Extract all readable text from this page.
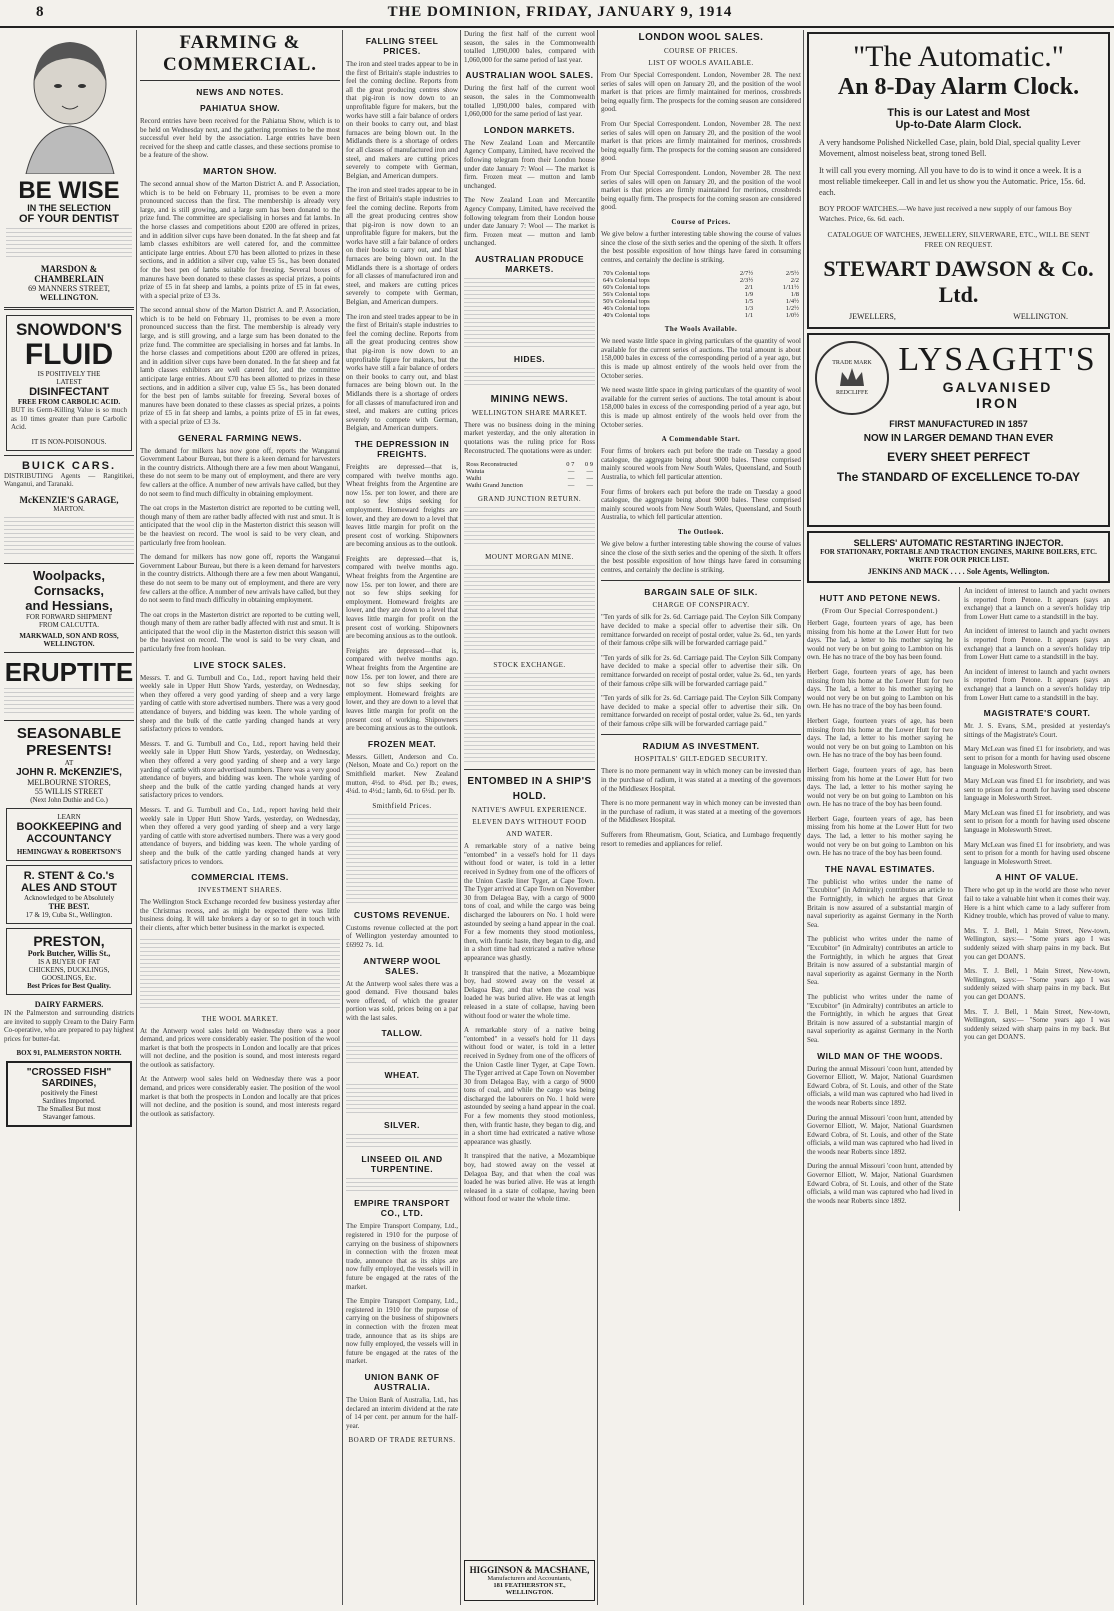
8	THE DOMINION, FRIDAY, JANUARY 9, 1914
BE WISE
IN THE SELECTION
OF YOUR DENTIST
MARSDON & CHAMBERLAIN
69 MANNERS STREET,
WELLINGTON.
SNOWDON'S
FLUID
IS POSITIVELY THE
LATEST
DISINFECTANT
FREE FROM CARBOLIC ACID.
BUT its Germ-Killing Value is so much as 10 times greater than pure Carbolic Acid.
IT IS NON-POISONOUS.
BUICK CARS.
DISTRIBUTING Agents — Rangitikei, Wanganui, and Taranaki.
McKENZIE'S GARAGE,
MARTON.
Woolpacks, Cornsacks,
and Hessians,
FOR FORWARD SHIPMENT
FROM CALCUTTA.
MARKWALD, SON AND ROSS, WELLINGTON.
ERUPTITE
SEASONABLE
PRESENTS!
AT
JOHN R. McKENZIE'S,
MELBOURNE STORES,
55 WILLIS STREET
(Next John Duthie and Co.)
LEARN
BOOKKEEPING and
ACCOUNTANCY
HEMINGWAY & ROBERTSON'S
R. STENT & Co.'s
ALES AND STOUT
Acknowledged to be Absolutely
THE BEST.
17 & 19, Cuba St., Wellington.
PRESTON,
Pork Butcher, Willis St.,
IS A BUYER OF FAT
CHICKENS, DUCKLINGS,
GOOSLINGS, Etc.
Best Prices for Best Quality.
DAIRY FARMERS.
IN the Palmerston and surrounding districts are invited to supply Cream to the Dairy Farm Co-operative, who are prepared to pay highest prices for butter-fat.
BOX 91, PALMERSTON NORTH.
"CROSSED FISH" SARDINES,
positively the Finest
Sardines Imported.
The Smallest But most
Stavanger famous.
FARMING & COMMERCIAL.
NEWS AND NOTES.
PAHIATUA SHOW.
Record entries have been received for the Pahiatua Show, which is to be held on Wednesday next, and the gathering promises to be the most successful ever held by the association. Large entries have been received for the sheep and cattle classes, and these sections promise to be a feature of the show.
MARTON SHOW.
The second annual show of the Marton District A. and P. Association, which is to be held on February 11, promises to be even a more pronounced success than the first. The membership is already very large, and is still growing, and a large sum has been donated to the prize fund. The committee are specialising in horses and fat lambs. In the horse classes and competitions about £200 are offered in prizes, and in addition silver cups have been donated. In the fat sheep and fat lamb classes exhibitors are well catered for, and the committee anticipate large entries. About £70 has been allotted to prizes in these sections, and in addition a silver cup, value £5 5s., has been donated for the best pen of lambs suitable for freezing. Several boxes of manures have been donated to these classes as special prizes, a points prize of £5 in fat sheep and lambs, a points prize of £5 in fat ewes, with a special prize of £3 3s.
The second annual show of the Marton District A. and P. Association, which is to be held on February 11, promises to be even a more pronounced success than the first. The membership is already very large, and is still growing, and a large sum has been donated to the prize fund. The committee are specialising in horses and fat lambs. In the horse classes and competitions about £200 are offered in prizes, and in addition silver cups have been donated. In the fat sheep and fat lamb classes exhibitors are well catered for, and the committee anticipate large entries. About £70 has been allotted to prizes in these sections, and in addition a silver cup, value £5 5s., has been donated for the best pen of lambs suitable for freezing. Several boxes of manures have been donated to these classes as special prizes, a points prize of £5 in fat sheep and lambs, a points prize of £5 in fat ewes, with a special prize of £3 3s.
GENERAL FARMING NEWS.
The demand for milkers has now gone off, reports the Wanganui Government Labour Bureau, but there is a keen demand for harvesters in the country districts. Although there are a few men about Wanganui, these do not seem to be many out of employment, and there are very few callers at the office. A number of new arrivals have called, but they do not seem to find much difficulty in obtaining employment.
The oat crops in the Masterton district are reported to be cutting well, though many of them are rather badly affected with rust and smut. It is anticipated that the wool clip in the Masterton district this season will be the heaviest on record. The wool is said to be very clean, and particularly free from hoolean.
The demand for milkers has now gone off, reports the Wanganui Government Labour Bureau, but there is a keen demand for harvesters in the country districts. Although there are a few men about Wanganui, these do not seem to be many out of employment, and there are very few callers at the office. A number of new arrivals have called, but they do not seem to find much difficulty in obtaining employment.
The oat crops in the Masterton district are reported to be cutting well, though many of them are rather badly affected with rust and smut. It is anticipated that the wool clip in the Masterton district this season will be the heaviest on record. The wool is said to be very clean, and particularly free from hoolean.
LIVE STOCK SALES.
Messrs. T. and G. Turnbull and Co., Ltd., report having held their weekly sale in Upper Hutt Show Yards, yesterday, on Wednesday, when they offered a very good yarding of sheep and a very large yarding of cattle with store advertised numbers. There was a very good attendance of buyers, and bidding was keen. The whole yarding of sheep and the bulk of the cattle yarding changed hands at very satisfactory prices to vendors.
Messrs. T. and G. Turnbull and Co., Ltd., report having held their weekly sale in Upper Hutt Show Yards, yesterday, on Wednesday, when they offered a very good yarding of sheep and a very large yarding of cattle with store advertised numbers. There was a very good attendance of buyers, and bidding was keen. The whole yarding of sheep and the bulk of the cattle yarding changed hands at very satisfactory prices to vendors.
Messrs. T. and G. Turnbull and Co., Ltd., report having held their weekly sale in Upper Hutt Show Yards, yesterday, on Wednesday, when they offered a very good yarding of sheep and a very large yarding of cattle with store advertised numbers. There was a very good attendance of buyers, and bidding was keen. The whole yarding of sheep and the bulk of the cattle yarding changed hands at very satisfactory prices to vendors.
COMMERCIAL ITEMS.
INVESTMENT SHARES.
The Wellington Stock Exchange recorded few business yesterday after the Christmas recess, and as might be expected there was little business doing. It will take brokers a day or so to get in touch with their clients, after which better business in the market is expected.
THE WOOL MARKET.
At the Antwerp wool sales held on Wednesday there was a poor demand, and prices were considerably easier. The position of the wool market is that both the prospects in London and locally are that prices will not decline, and the position is sound, and most interests regard the outlook as satisfactory.
At the Antwerp wool sales held on Wednesday there was a poor demand, and prices were considerably easier. The position of the wool market is that both the prospects in London and locally are that prices will not decline, and the position is sound, and most interests regard the outlook as satisfactory.
FALLING STEEL PRICES.
The iron and steel trades appear to be in the first of Britain's staple industries to feel the coming decline. Reports from all the great producing centres show that pig-iron is now down to an unprofitable figure for makers, but the works have still a fair balance of orders on their books to carry out, and blast furnaces are being blown out. In the Midlands there is a shortage of orders for all classes of manufactured iron and steel, and makers are cutting prices severely to compete with German, Belgian, and American dumpers.
The iron and steel trades appear to be in the first of Britain's staple industries to feel the coming decline. Reports from all the great producing centres show that pig-iron is now down to an unprofitable figure for makers, but the works have still a fair balance of orders on their books to carry out, and blast furnaces are being blown out. In the Midlands there is a shortage of orders for all classes of manufactured iron and steel, and makers are cutting prices severely to compete with German, Belgian, and American dumpers.
The iron and steel trades appear to be in the first of Britain's staple industries to feel the coming decline. Reports from all the great producing centres show that pig-iron is now down to an unprofitable figure for makers, but the works have still a fair balance of orders on their books to carry out, and blast furnaces are being blown out. In the Midlands there is a shortage of orders for all classes of manufactured iron and steel, and makers are cutting prices severely to compete with German, Belgian, and American dumpers.
THE DEPRESSION IN FREIGHTS.
Freights are depressed—that is, compared with twelve months ago. Wheat freights from the Argentine are now 15s. per ton lower, and there are not so few ships seeking for employment. Homeward freights are lower, and they are down to a level that leaves little margin for profit on the present cost of working. Shipowners are becoming anxious as to the outlook.
Freights are depressed—that is, compared with twelve months ago. Wheat freights from the Argentine are now 15s. per ton lower, and there are not so few ships seeking for employment. Homeward freights are lower, and they are down to a level that leaves little margin for profit on the present cost of working. Shipowners are becoming anxious as to the outlook.
Freights are depressed—that is, compared with twelve months ago. Wheat freights from the Argentine are now 15s. per ton lower, and there are not so few ships seeking for employment. Homeward freights are lower, and they are down to a level that leaves little margin for profit on the present cost of working. Shipowners are becoming anxious as to the outlook.
FROZEN MEAT.
Messrs. Gillett, Anderson and Co. (Nelson, Moate and Co.) report on the Smithfield market. New Zealand mutton, 4½d. to 4¾d. per lb.; ewes, 4¼d. to 4½d.; lamb, 6d. to 6½d. per lb.
Smithfield Prices.
CUSTOMS REVENUE.
Customs revenue collected at the port of Wellington yesterday amounted to £6992 7s. 1d.
ANTWERP WOOL SALES.
At the Antwerp wool sales there was a good demand. Five thousand bales were offered, of which the greater portion was sold, prices being on a par with the last sales.
TALLOW.
WHEAT.
SILVER.
LINSEED OIL AND TURPENTINE.
EMPIRE TRANSPORT CO., LTD.
The Empire Transport Company, Ltd., registered in 1910 for the purpose of carrying on the business of shipowners in connection with the frozen meat trade, announce that as its ships are now fully employed, the vessels will in future be engaged at the rates of the market.
The Empire Transport Company, Ltd., registered in 1910 for the purpose of carrying on the business of shipowners in connection with the frozen meat trade, announce that as its ships are now fully employed, the vessels will in future be engaged at the rates of the market.
UNION BANK OF AUSTRALIA.
The Union Bank of Australia, Ltd., has declared an interim dividend at the rate of 14 per cent. per annum for the half-year.
BOARD OF TRADE RETURNS.
During the first half of the current wool season, the sales in the Commonwealth totalled 1,090,000 bales, compared with 1,060,000 for the same period of last year.
AUSTRALIAN WOOL SALES.
During the first half of the current wool season, the sales in the Commonwealth totalled 1,090,000 bales, compared with 1,060,000 for the same period of last year.
LONDON MARKETS.
The New Zealand Loan and Mercantile Agency Company, Limited, have received the following telegram from their London house under date January 7: Wool — The market is firm. Frozen meat — mutton and lamb unchanged.
The New Zealand Loan and Mercantile Agency Company, Limited, have received the following telegram from their London house under date January 7: Wool — The market is firm. Frozen meat — mutton and lamb unchanged.
AUSTRALIAN PRODUCE MARKETS.
HIDES.
MINING NEWS.
WELLINGTON SHARE MARKET.
There was no business doing in the mining market yesterday, and the only alteration in quotations was the ruling price for Ross Reconstructed. The quotations were as under:
Ross Reconstructed	0 7	0 9
Waiuta	—	—
Waihi	—	—
Waihi Grand Junction	—	—
GRAND JUNCTION RETURN.
MOUNT MORGAN MINE.
STOCK EXCHANGE.
ENTOMBED IN A SHIP'S
HOLD.
NATIVE'S AWFUL EXPERIENCE.
ELEVEN DAYS WITHOUT FOOD
AND WATER.
A remarkable story of a native being "entombed" in a vessel's hold for 11 days without food or water, is told in a letter received in Sydney from one of the officers of the Union Castle liner Tyger, at Cape Town. The Tyger arrived at Cape Town on November 30 from Delagoa Bay, with a cargo of 9000 tons of coal, and while the cargo was being discharged the labourers on No. 1 hold were astounded by seeing a hand appear in the coal. For a few moments they stood motionless, then, with frantic haste, they began to dig, and in a short time had extricated a native whose appearance was ghastly.
It transpired that the native, a Mozambique boy, had stowed away on the vessel at Delagoa Bay, and that when the coal was loaded he was buried alive. He was at length released in a state of collapse, having been without food or water the whole time.
A remarkable story of a native being "entombed" in a vessel's hold for 11 days without food or water, is told in a letter received in Sydney from one of the officers of the Union Castle liner Tyger, at Cape Town. The Tyger arrived at Cape Town on November 30 from Delagoa Bay, with a cargo of 9000 tons of coal, and while the cargo was being discharged the labourers on No. 1 hold were astounded by seeing a hand appear in the coal. For a few moments they stood motionless, then, with frantic haste, they began to dig, and in a short time had extricated a native whose appearance was ghastly.
It transpired that the native, a Mozambique boy, had stowed away on the vessel at Delagoa Bay, and that when the coal was loaded he was buried alive. He was at length released in a state of collapse, having been without food or water the whole time.
HIGGINSON & MACSHANE,
Manufacturers and Accountants,
181 FEATHERSTON ST., WELLINGTON.
LONDON WOOL SALES.
COURSE OF PRICES.
LIST OF WOOLS AVAILABLE.
From Our Special Correspondent. London, November 28. The next series of sales will open on January 20, and the position of the wool market is that prices are firmly maintained for merinos, crossbreds being equally firm. The prospects for the coming season are considered good.
From Our Special Correspondent. London, November 28. The next series of sales will open on January 20, and the position of the wool market is that prices are firmly maintained for merinos, crossbreds being equally firm. The prospects for the coming season are considered good.
From Our Special Correspondent. London, November 28. The next series of sales will open on January 20, and the position of the wool market is that prices are firmly maintained for merinos, crossbreds being equally firm. The prospects for the coming season are considered good.
Course of Prices.
We give below a further interesting table showing the course of values since the close of the sixth series and the opening of the sixth. It offers the best possible exposition of how things have fared in consuming centres, and certainly the decline is striking.
70's Colonial tops	2/7½	2/5½
64's Colonial tops	2/3½	2/2
60's Colonial tops	2/1	1/11½
56's Colonial tops	1/9	1/8
50's Colonial tops	1/5	1/4½
46's Colonial tops	1/3	1/2½
40's Colonial tops	1/1	1/0½
The Wools Available.
We need waste little space in giving particulars of the quantity of wool available for the current series of auctions. The total amount is about 158,000 bales in excess of the corresponding period of a year ago, but this is made up almost entirely of the wools held over from the October series.
We need waste little space in giving particulars of the quantity of wool available for the current series of auctions. The total amount is about 158,000 bales in excess of the corresponding period of a year ago, but this is made up almost entirely of the wools held over from the October series.
A Commendable Start.
Four firms of brokers each put before the trade on Tuesday a good catalogue, the aggregate being about 9000 bales. These comprised mainly scoured wools from New South Wales, Queensland, and South Australia, to which fell particular attention.
Four firms of brokers each put before the trade on Tuesday a good catalogue, the aggregate being about 9000 bales. These comprised mainly scoured wools from New South Wales, Queensland, and South Australia, to which fell particular attention.
The Outlook.
We give below a further interesting table showing the course of values since the close of the sixth series and the opening of the sixth. It offers the best possible exposition of how things have fared in consuming centres, and certainly the decline is striking.
BARGAIN SALE OF SILK.
CHARGE OF CONSPIRACY.
"Ten yards of silk for 2s. 6d. Carriage paid. The Ceylon Silk Company have decided to make a special offer to advertise their silk. On remittance forwarded on receipt of postal order, value 2s. 6d., ten yards of their famous crêpe silk will be forwarded carriage paid."
"Ten yards of silk for 2s. 6d. Carriage paid. The Ceylon Silk Company have decided to make a special offer to advertise their silk. On remittance forwarded on receipt of postal order, value 2s. 6d., ten yards of their famous crêpe silk will be forwarded carriage paid."
"Ten yards of silk for 2s. 6d. Carriage paid. The Ceylon Silk Company have decided to make a special offer to advertise their silk. On remittance forwarded on receipt of postal order, value 2s. 6d., ten yards of their famous crêpe silk will be forwarded carriage paid."
RADIUM AS INVESTMENT.
HOSPITALS' GILT-EDGED SECURITY.
There is no more permanent way in which money can be invested than in the purchase of radium, it was stated at a meeting of the governors of the Middlesex Hospital.
There is no more permanent way in which money can be invested than in the purchase of radium, it was stated at a meeting of the governors of the Middlesex Hospital.
Sufferers from Rheumatism, Gout, Sciatica, and Lumbago frequently resort to remedies and appliances for relief.
"The Automatic."
An 8-Day Alarm Clock.
This is our Latest and Most
Up-to-Date Alarm Clock.
A very handsome Polished Nickelled Case, plain, bold Dial, special quality Lever Movement, almost noiseless beat, strong toned Bell.
It will call you every morning. All you have to do is to wind it once a week. It is a most reliable timekeeper. Call in and let us show you the Automatic. Price, 15s. 6d. each.
BOY PROOF WATCHES.—We have just received a new supply of our famous Boy Watches. Price, 6s. 6d. each.
CATALOGUE OF WATCHES, JEWELLERY, SILVERWARE, ETC., WILL BE SENT FREE ON REQUEST.
STEWART DAWSON & Co. Ltd.
JEWELLERS,	WELLINGTON.
TRADE MARK
REDCLIFFE
LYSAGHT'S
GALVANISED
IRON
FIRST MANUFACTURED IN 1857
NOW IN LARGER DEMAND THAN EVER
EVERY SHEET PERFECT
The STANDARD OF EXCELLENCE TO-DAY
SELLERS' AUTOMATIC RESTARTING INJECTOR.
FOR STATIONARY, PORTABLE AND TRACTION ENGINES, MARINE BOILERS, ETC.
WRITE FOR OUR PRICE LIST.
JENKINS AND MACK . . . . Sole Agents, Wellington.
HUTT AND PETONE NEWS.
(From Our Special Correspondent.)
Herbert Gage, fourteen years of age, has been missing from his home at the Lower Hutt for two days. The lad, a letter to his mother saying he would not very be on but going to Lambton on his own. He has no trace of the boy has been found.
Herbert Gage, fourteen years of age, has been missing from his home at the Lower Hutt for two days. The lad, a letter to his mother saying he would not very be on but going to Lambton on his own. He has no trace of the boy has been found.
Herbert Gage, fourteen years of age, has been missing from his home at the Lower Hutt for two days. The lad, a letter to his mother saying he would not very be on but going to Lambton on his own. He has no trace of the boy has been found.
Herbert Gage, fourteen years of age, has been missing from his home at the Lower Hutt for two days. The lad, a letter to his mother saying he would not very be on but going to Lambton on his own. He has no trace of the boy has been found.
Herbert Gage, fourteen years of age, has been missing from his home at the Lower Hutt for two days. The lad, a letter to his mother saying he would not very be on but going to Lambton on his own. He has no trace of the boy has been found.
THE NAVAL ESTIMATES.
The publicist who writes under the name of "Excubitor" (in Admiralty) contributes an article to the Fortnightly, in which he argues that Great Britain is now assured of a substantial margin of naval superiority as against Germany in the North Sea.
The publicist who writes under the name of "Excubitor" (in Admiralty) contributes an article to the Fortnightly, in which he argues that Great Britain is now assured of a substantial margin of naval superiority as against Germany in the North Sea.
The publicist who writes under the name of "Excubitor" (in Admiralty) contributes an article to the Fortnightly, in which he argues that Great Britain is now assured of a substantial margin of naval superiority as against Germany in the North Sea.
WILD MAN OF THE WOODS.
During the annual Missouri 'coon hunt, attended by Governor Elliott, W. Major, National Guardsmen Edward Cobra, of St. Louis, and other of the State officials, a wild man was captured who had lived in the woods near Roberts since 1892.
During the annual Missouri 'coon hunt, attended by Governor Elliott, W. Major, National Guardsmen Edward Cobra, of St. Louis, and other of the State officials, a wild man was captured who had lived in the woods near Roberts since 1892.
During the annual Missouri 'coon hunt, attended by Governor Elliott, W. Major, National Guardsmen Edward Cobra, of St. Louis, and other of the State officials, a wild man was captured who had lived in the woods near Roberts since 1892.
An incident of interest to launch and yacht owners is reported from Petone. It appears (says an exchange) that a launch on a seven's holiday trip from Lower Hutt came to a standstill in the bay.
An incident of interest to launch and yacht owners is reported from Petone. It appears (says an exchange) that a launch on a seven's holiday trip from Lower Hutt came to a standstill in the bay.
An incident of interest to launch and yacht owners is reported from Petone. It appears (says an exchange) that a launch on a seven's holiday trip from Lower Hutt came to a standstill in the bay.
MAGISTRATE'S COURT.
Mr. J. S. Evans, S.M., presided at yesterday's sittings of the Magistrate's Court.
Mary McLean was fined £1 for insobriety, and was sent to prison for a month for having used obscene language in Molesworth Street.
Mary McLean was fined £1 for insobriety, and was sent to prison for a month for having used obscene language in Molesworth Street.
Mary McLean was fined £1 for insobriety, and was sent to prison for a month for having used obscene language in Molesworth Street.
Mary McLean was fined £1 for insobriety, and was sent to prison for a month for having used obscene language in Molesworth Street.
A HINT OF VALUE.
There who get up in the world are those who never fail to take a valuable hint when it comes their way. Here is a hint which came to a lady sufferer from Kidney trouble, which has proved of value to many.
Mrs. T. J. Bell, 1 Main Street, New-town, Wellington, says:— "Some years ago I was suddenly seized with sharp pains in my back. But you can get DOAN'S.
Mrs. T. J. Bell, 1 Main Street, New-town, Wellington, says:— "Some years ago I was suddenly seized with sharp pains in my back. But you can get DOAN'S.
Mrs. T. J. Bell, 1 Main Street, New-town, Wellington, says:— "Some years ago I was suddenly seized with sharp pains in my back. But you can get DOAN'S.
